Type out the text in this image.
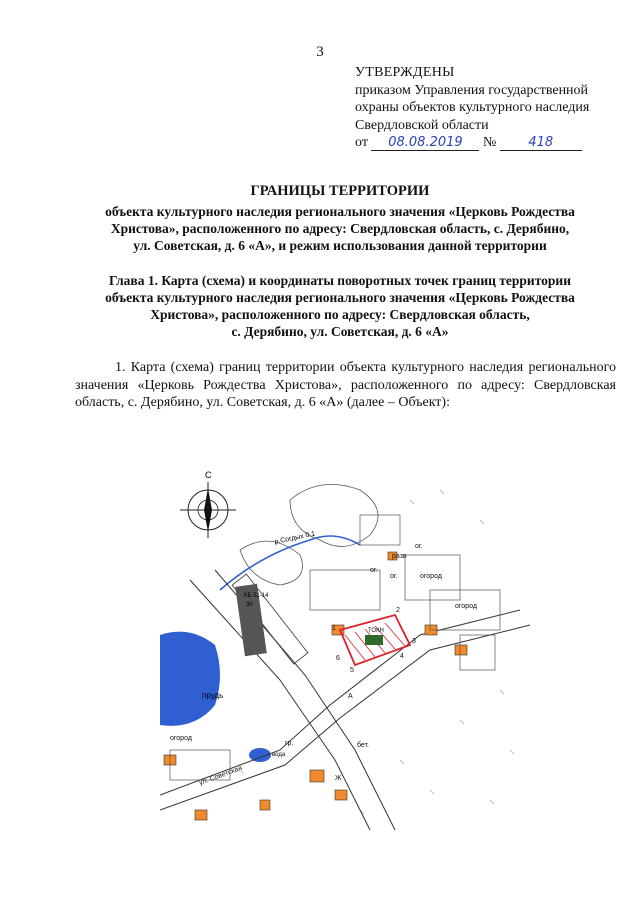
3
УТВЕРЖДЕНЫ
приказом Управления государственной
охраны объектов культурного наследия
Свердловской области
от 08.08.2019 № 418
ГРАНИЦЫ ТЕРРИТОРИИ
объекта культурного наследия регионального значения «Церковь Рождества
Христова», расположенного по адресу: Свердловская область, с. Дерябино,
ул. Советская, д. 6 «А», и режим использования данной территории
Глава 1. Карта (схема) и координаты поворотных точек границ территории
объекта культурного наследия регионального значения «Церковь Рождества
Христова», расположенного по адресу: Свердловская область,
с. Дерябино, ул. Советская, д. 6 «А»
1. Карта (схема) границ территории объекта культурного наследия регионального значения «Церковь Рождества Христова», расположенного по адресу: Свердловская область, с. Дерябино, ул. Советская, д. 6 «А» (далее – Объект):
р.Согдых 0,1
прудь
вода
КБ 51-14
30
С
ТОКН
1
2
3
4
5
6
огород
огород
огород
ул. Советская
ог.
ог.
ог.
разв
Ж
А
бет.
гр.
